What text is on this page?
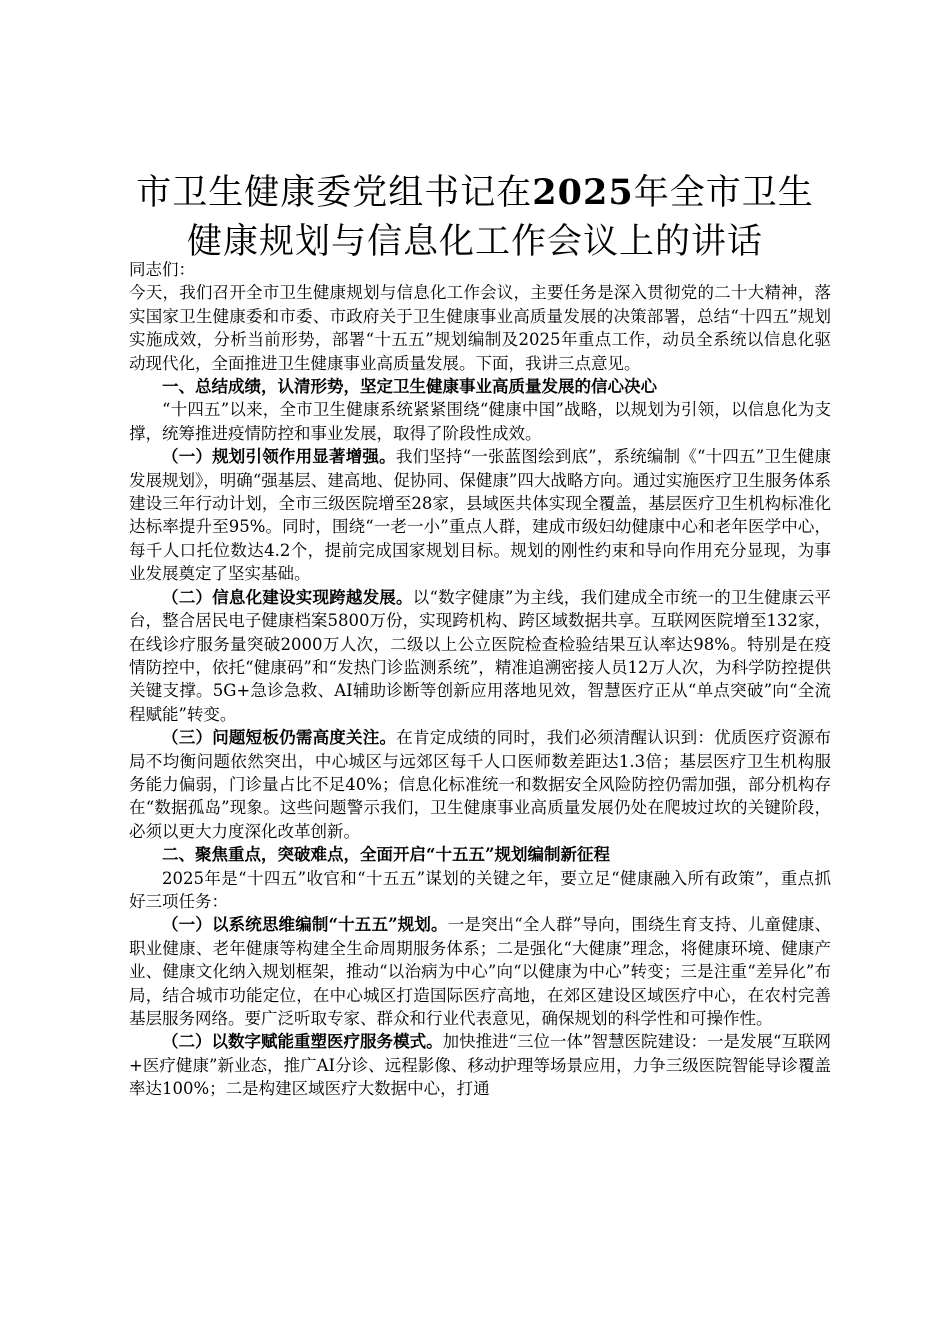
市卫生健康委党组书记在2025年全市卫生健康规划与信息化工作会议上的讲话

同志们：

今天，我们召开全市卫生健康规划与信息化工作会议，主要任务是深入贯彻党的二十大精神，落实国家卫生健康委和市委、市政府关于卫生健康事业高质量发展的决策部署，总结“十四五”规划实施成效，分析当前形势，部署“十五五”规划编制及2025年重点工作，动员全系统以信息化驱动现代化，全面推进卫生健康事业高质量发展。下面，我讲三点意见。

一、总结成绩，认清形势，坚定卫生健康事业高质量发展的信心决心

“十四五”以来，全市卫生健康系统紧紧围绕“健康中国”战略，以规划为引领，以信息化为支撑，统筹推进疫情防控和事业发展，取得了阶段性成效。

（一）规划引领作用显著增强。我们坚持“一张蓝图绘到底”，系统编制《“十四五”卫生健康发展规划》，明确“强基层、建高地、促协同、保健康”四大战略方向。通过实施医疗卫生服务体系建设三年行动计划，全市三级医院增至28家，县域医共体实现全覆盖，基层医疗卫生机构标准化达标率提升至95%。同时，围绕“一老一小”重点人群，建成市级妇幼健康中心和老年医学中心，每千人口托位数达4.2个，提前完成国家规划目标。规划的刚性约束和导向作用充分显现，为事业发展奠定了坚实基础。

（二）信息化建设实现跨越发展。以“数字健康”为主线，我们建成全市统一的卫生健康云平台，整合居民电子健康档案5800万份，实现跨机构、跨区域数据共享。互联网医院增至132家，在线诊疗服务量突破2000万人次，二级以上公立医院检查检验结果互认率达98%。特别是在疫情防控中，依托“健康码”和“发热门诊监测系统”，精准追溯密接人员12万人次，为科学防控提供关键支撑。5G+急诊急救、AI辅助诊断等创新应用落地见效，智慧医疗正从“单点突破”向“全流程赋能”转变。

（三）问题短板仍需高度关注。在肯定成绩的同时，我们必须清醒认识到：优质医疗资源布局不均衡问题依然突出，中心城区与远郊区每千人口医师数差距达1.3倍；基层医疗卫生机构服务能力偏弱，门诊量占比不足40%；信息化标准统一和数据安全风险防控仍需加强，部分机构存在“数据孤岛”现象。这些问题警示我们，卫生健康事业高质量发展仍处在爬坡过坎的关键阶段，必须以更大力度深化改革创新。

二、聚焦重点，突破难点，全面开启“十五五”规划编制新征程

2025年是“十四五”收官和“十五五”谋划的关键之年，要立足“健康融入所有政策”，重点抓好三项任务：

（一）以系统思维编制“十五五”规划。一是突出“全人群”导向，围绕生育支持、儿童健康、职业健康、老年健康等构建全生命周期服务体系；二是强化“大健康”理念，将健康环境、健康产业、健康文化纳入规划框架，推动“以治病为中心”向“以健康为中心”转变；三是注重“差异化”布局，结合城市功能定位，在中心城区打造国际医疗高地，在郊区建设区域医疗中心，在农村完善基层服务网络。要广泛听取专家、群众和行业代表意见，确保规划的科学性和可操作性。

（二）以数字赋能重塑医疗服务模式。加快推进“三位一体”智慧医院建设：一是发展“互联网+医疗健康”新业态，推广AI分诊、远程影像、移动护理等场景应用，力争三级医院智能导诊覆盖率达100%；二是构建区域医疗大数据中心，打通
